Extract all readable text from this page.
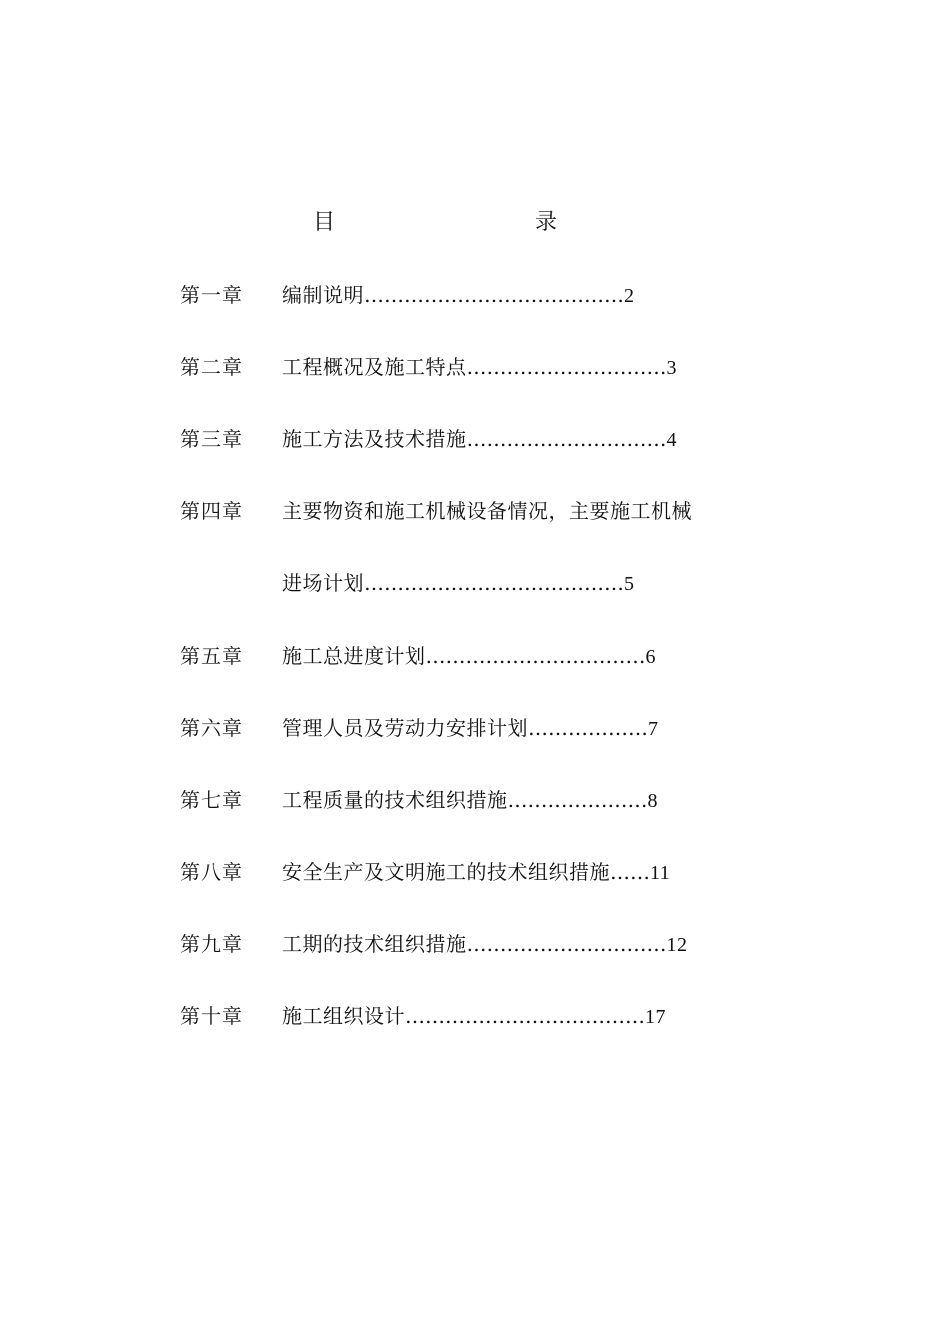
目	录
第一章 编制说明…………………………………2
第二章 工程概况及施工特点…………………………3
第三章 施工方法及技术措施…………………………4
第四章 主要物资和施工机械设备情况，主要施工机械
进场计划…………………………………5
第五章 施工总进度计划……………………………6
第六章 管理人员及劳动力安排计划………………7
第七章 工程质量的技术组织措施…………………8
第八章 安全生产及文明施工的技术组织措施……11
第九章 工期的技术组织措施…………………………12
第十章 施工组织设计………………………………17
